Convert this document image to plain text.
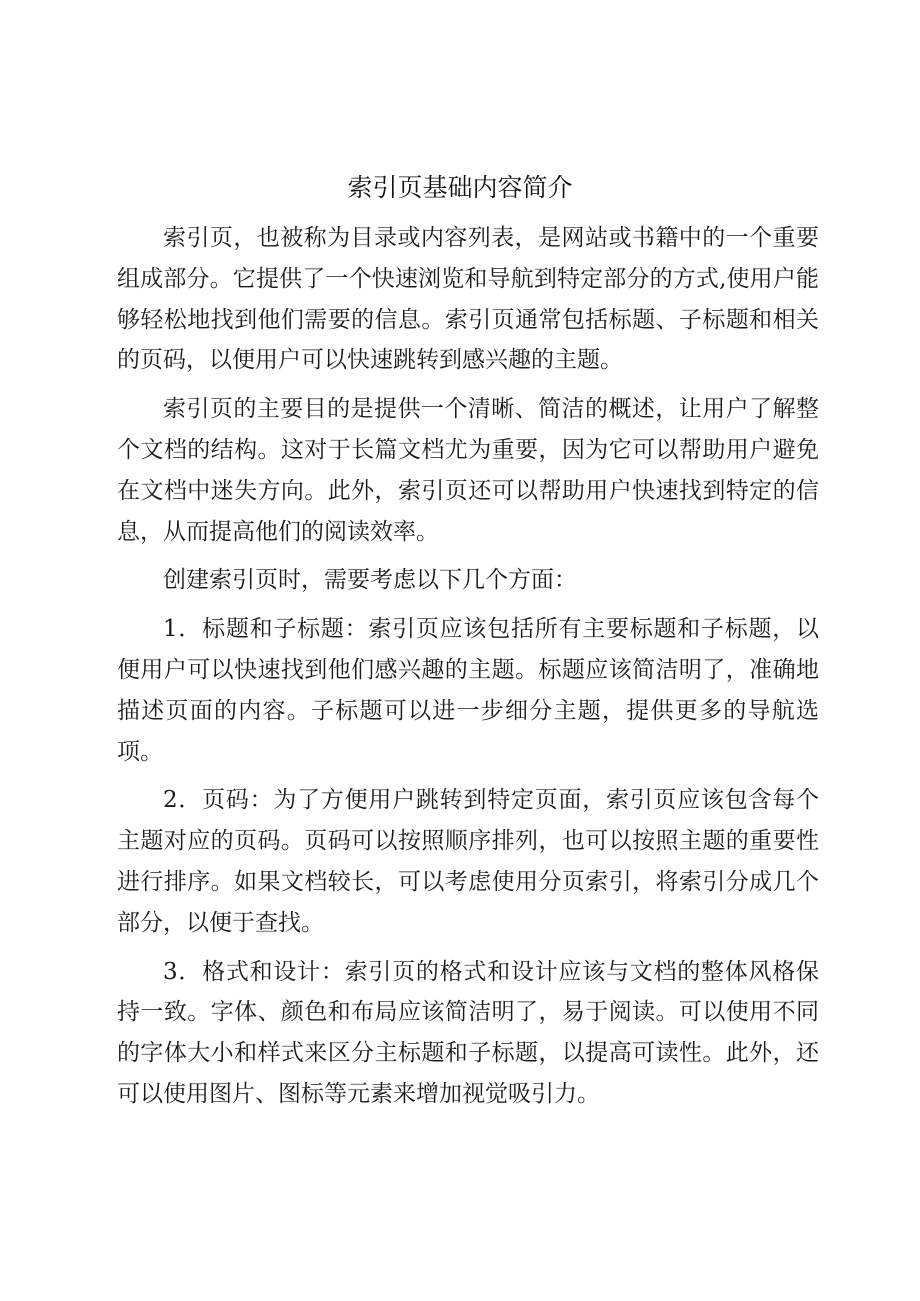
索引页基础内容简介

索引页，也被称为目录或内容列表，是网站或书籍中的一个重要组成部分。它提供了一个快速浏览和导航到特定部分的方式,使用户能够轻松地找到他们需要的信息。索引页通常包括标题、子标题和相关的页码，以便用户可以快速跳转到感兴趣的主题。

索引页的主要目的是提供一个清晰、简洁的概述，让用户了解整个文档的结构。这对于长篇文档尤为重要，因为它可以帮助用户避免在文档中迷失方向。此外，索引页还可以帮助用户快速找到特定的信息，从而提高他们的阅读效率。

创建索引页时，需要考虑以下几个方面：

1．标题和子标题：索引页应该包括所有主要标题和子标题，以便用户可以快速找到他们感兴趣的主题。标题应该简洁明了，准确地描述页面的内容。子标题可以进一步细分主题，提供更多的导航选项。

2．页码：为了方便用户跳转到特定页面，索引页应该包含每个主题对应的页码。页码可以按照顺序排列，也可以按照主题的重要性进行排序。如果文档较长，可以考虑使用分页索引，将索引分成几个部分，以便于查找。

3．格式和设计：索引页的格式和设计应该与文档的整体风格保持一致。字体、颜色和布局应该简洁明了，易于阅读。可以使用不同的字体大小和样式来区分主标题和子标题，以提高可读性。此外，还可以使用图片、图标等元素来增加视觉吸引力。
